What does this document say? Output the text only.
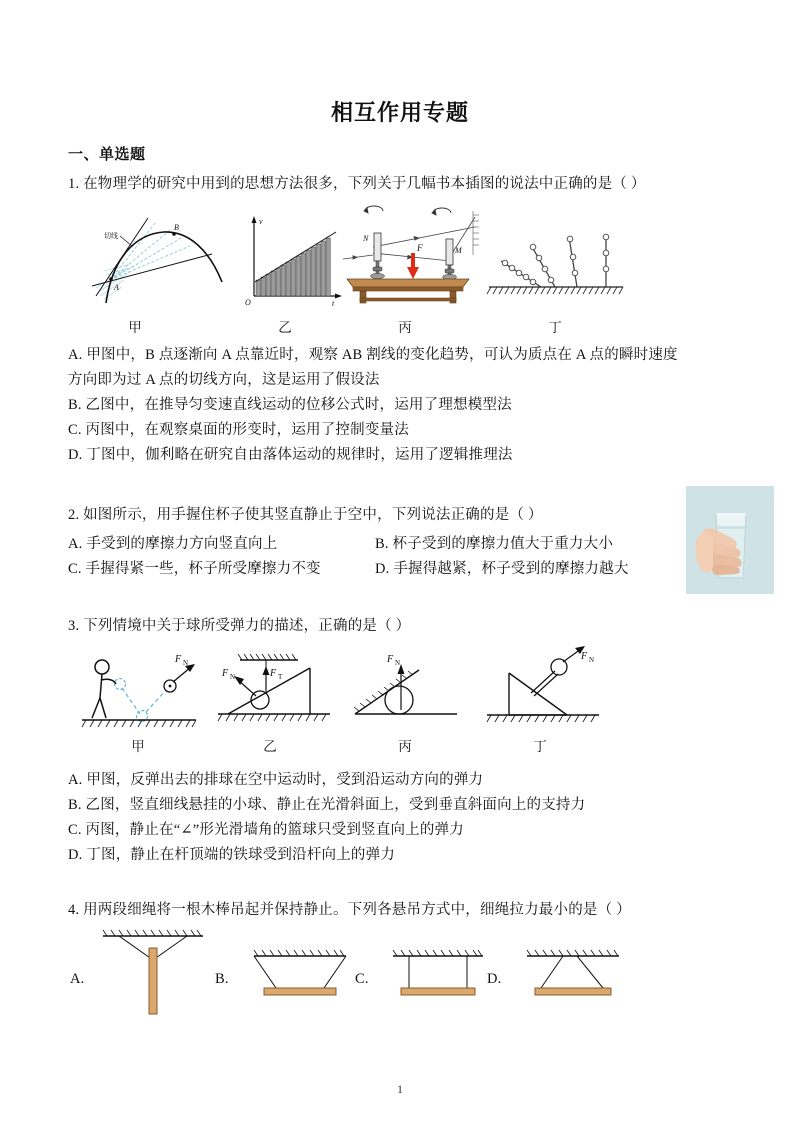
相互作用专题
一、单选题
1. 在物理学的研究中用到的思想方法很多，下列关于几幅书本插图的说法中正确的是（ ）
A
B
切线
v
t
O
N
M
F
甲	乙	丙	丁
A. 甲图中，B 点逐渐向 A 点靠近时，观察 AB 割线的变化趋势，可认为质点在 A 点的瞬时速度
方向即为过 A 点的切线方向，这是运用了假设法
B. 乙图中，在推导匀变速直线运动的位移公式时，运用了理想模型法
C. 丙图中，在观察桌面的形变时，运用了控制变量法
D. 丁图中，伽利略在研究自由落体运动的规律时，运用了逻辑推理法
2. 如图所示，用手握住杯子使其竖直静止于空中，下列说法正确的是（ ）
A. 手受到的摩擦力方向竖直向上	B. 杯子受到的摩擦力值大于重力大小
C. 手握得紧一些，杯子所受摩擦力不变	D. 手握得越紧，杯子受到的摩擦力越大
3. 下列情境中关于球所受弹力的描述，正确的是（ ）
F N
F T
F N
F N
F N
甲	乙	丙	丁
A. 甲图，反弹出去的排球在空中运动时，受到沿运动方向的弹力
B. 乙图，竖直细线悬挂的小球、静止在光滑斜面上，受到垂直斜面向上的支持力
C. 丙图，静止在“∠”形光滑墙角的篮球只受到竖直向上的弹力
D. 丁图，静止在杆顶端的铁球受到沿杆向上的弹力
4. 用两段细绳将一根木棒吊起并保持静止。下列各悬吊方式中，细绳拉力最小的是（ ）
A.	B.	C.	D.
1
